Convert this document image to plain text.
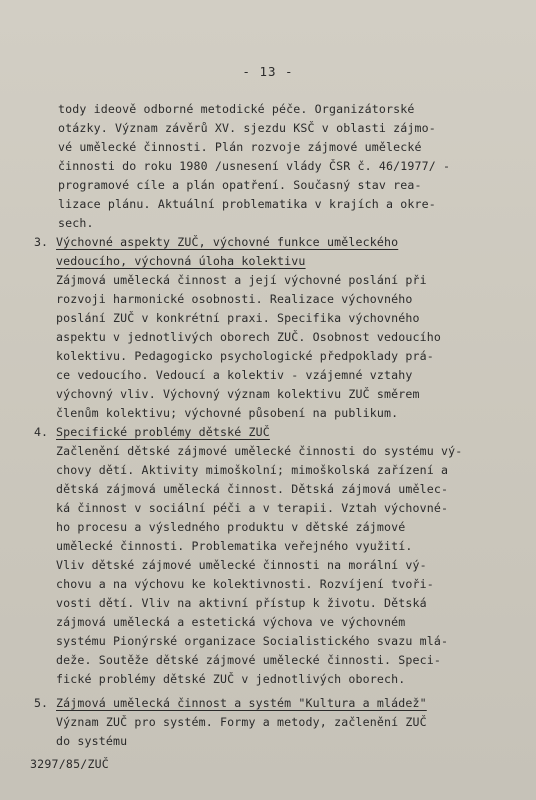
- 13 -
tody ideově odborné metodické péče. Organizátorské
otázky. Význam závěrů XV. sjezdu KSČ v oblasti zájmo-
vé umělecké činnosti. Plán rozvoje zájmové umělecké
činnosti do roku 1980 /usnesení vlády ČSR č. 46/1977/ -
programové cíle a plán opatření. Současný stav rea-
lizace plánu. Aktuální problematika v krajích a okre-
sech.
3. Výchovné aspekty ZUČ, výchovné funkce uměleckého
vedoucího, výchovná úloha kolektivu
Zájmová umělecká činnost a její výchovné poslání při
rozvoji harmonické osobnosti. Realizace výchovného
poslání ZUČ v konkrétní praxi. Specifika výchovného
aspektu v jednotlivých oborech ZUČ. Osobnost vedoucího
kolektivu. Pedagogicko psychologické předpoklady prá-
ce vedoucího. Vedoucí a kolektiv - vzájemné vztahy
výchovný vliv. Výchovný význam kolektivu ZUČ směrem
členům kolektivu; výchovné působení na publikum.
4. Specifické problémy dětské ZUČ
Začlenění dětské zájmové umělecké činnosti do systému vý-
chovy dětí. Aktivity mimoškolní; mimoškolská zařízení a
dětská zájmová umělecká činnost. Dětská zájmová umělec-
ká činnost v sociální péči a v terapii. Vztah výchovné-
ho procesu a výsledného produktu v dětské zájmové
umělecké činnosti. Problematika veřejného využití.
Vliv dětské zájmové umělecké činnosti na morální vý-
chovu a na výchovu ke kolektivnosti. Rozvíjení tvoři-
vosti dětí. Vliv na aktivní přístup k životu. Dětská
zájmová umělecká a estetická výchova ve výchovném
systému Pionýrské organizace Socialistického svazu mlá-
deže. Soutěže dětské zájmové umělecké činnosti. Speci-
fické problémy dětské ZUČ v jednotlivých oborech.
5. Zájmová umělecká činnost a systém "Kultura a mládež"
Význam ZUČ pro systém. Formy a metody, začlenění ZUČ
do systému
3297/85/ZUČ
